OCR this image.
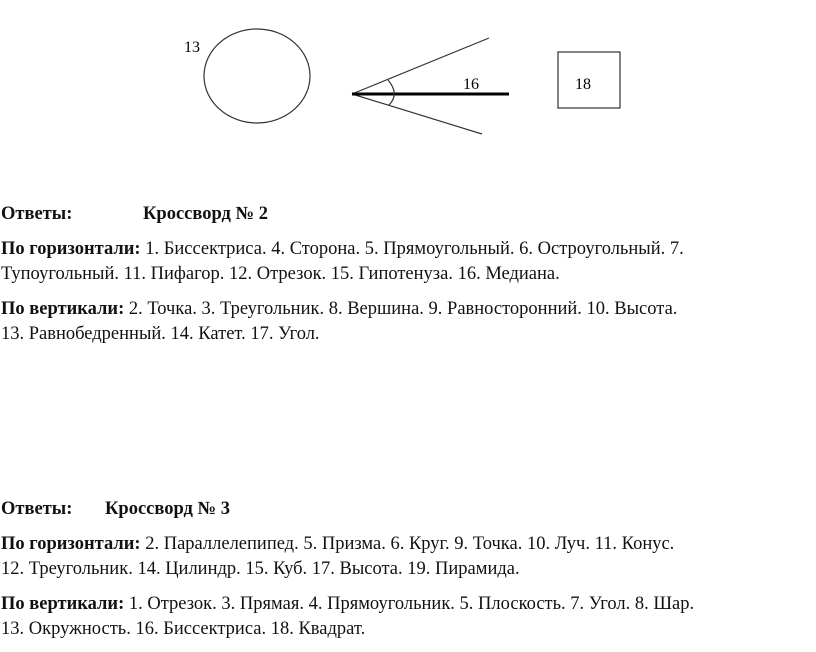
13
16	18
Ответы:	Кроссворд № 2
По горизонтали: 1. Биссектриса. 4. Сторона. 5. Прямоугольный. 6. Остроугольный. 7.
Тупоугольный. 11. Пифагор. 12. Отрезок. 15. Гипотенуза. 16. Медиана.
По вертикали: 2. Точка. 3. Треугольник. 8. Вершина. 9. Равносторонний. 10. Высота.
13. Равнобедренный. 14. Катет. 17. Угол.
Ответы: Кроссворд № 3
По горизонтали: 2. Параллелепипед. 5. Призма. 6. Круг. 9. Точка. 10. Луч. 11. Конус.
12. Треугольник. 14. Цилиндр. 15. Куб. 17. Высота. 19. Пирамида.
По вертикали: 1. Отрезок. 3. Прямая. 4. Прямоугольник. 5. Плоскость. 7. Угол. 8. Шар.
13. Окружность. 16. Биссектриса. 18. Квадрат.
